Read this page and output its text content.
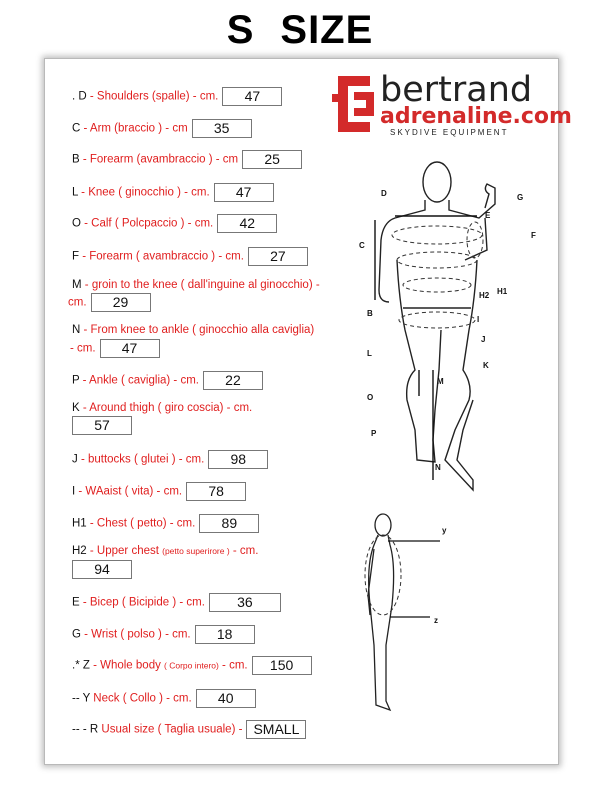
S SIZE
bertrand
adrenaline.com
SKYDIVE EQUIPMENT
. D - Shoulders (spalle) - cm. 47
C - Arm (braccio ) - cm 35
B - Forearm (avambraccio ) - cm 25
L - Knee ( ginocchio ) - cm. 47
O - Calf ( Polcpaccio ) - cm. 42
F - Forearm ( avambraccio ) - cm. 27
M - groin to the knee ( dall'inguine al ginocchio) -
cm. 29
N - From knee to ankle ( ginocchio alla caviglia)
- cm. 47
P - Ankle ( caviglia) - cm. 22
K - Around thigh ( giro coscia) - cm.
57
J - buttocks ( glutei ) - cm. 98
I - WAaist ( vita) - cm. 78
H1 - Chest ( petto) - cm. 89
H2 - Upper chest (petto superirore ) - cm.
94
E - Bicep ( Bicipide ) - cm. 36
G - Wrist ( polso ) - cm. 18
.* Z - Whole body ( Corpo intero) - cm. 150
-- Y Neck ( Collo ) - cm. 40
-- - R Usual size ( Taglia usuale) - SMALL
D
E
G
C
F
H2 H1
B
I
J
L
K
M
O
P
N
y
z
